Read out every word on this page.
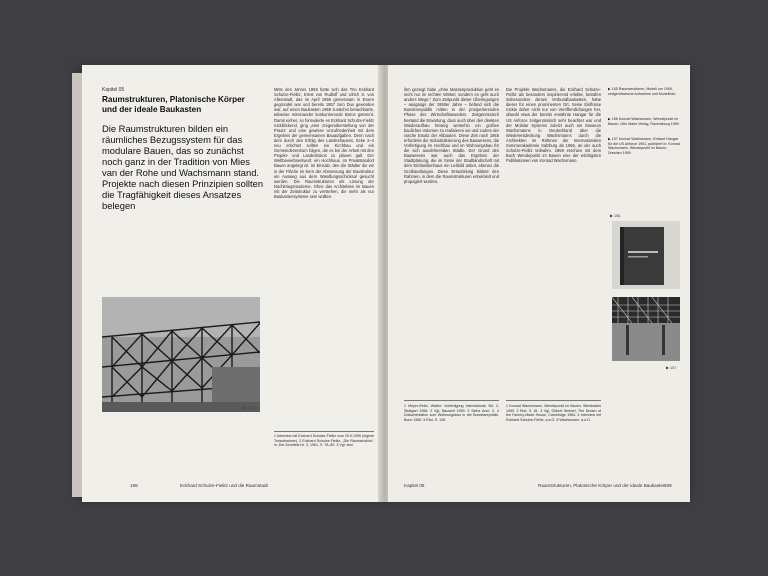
Kapitel 05
Raumstrukturen, Platonische Körper und der ideale Baukasten
Die Raumstrukturen bilden ein räumliches Bezugssystem für das modulare Bauen, das so zunächst noch ganz in der Tradition von Mies van der Rohe und Wachsmann stand. Projekte nach diesen Prinzipien sollten die Tragfähigkeit dieses Ansatzes belegen
Mitte des Jahres 1959 hatte sich das Trio Eckhard Schulze-Fielitz, Ernst von Rudloff und Ulrich S. von Altenstadt, das im April 1956 gemeinsam in Essen gegründet war und bereits 1957 zum Duo geworden war, auf einen Baukasten 1959 zunächst benachbarte, teilweise miteinander konkurrierende Büros getrennt. Damit einher, so formulierte es Eckhard Schulze-Fielitz rückblickend, ging „eine ‚Gegenüberstellung von der Praxis‘ und eine gewisse Unzufriedenheit mit dem Ergebnis der gemeinsamen Bauaufgaben. Denn nach dem durch den Erfolg des Landeshauses, Ecke 2–4 neu errichtet sollten ein Kirchbau und ein Gemeindezentrum folgen, die es bei der Arbeit mit den Projekt- und Landesbüros zu planen galt. Der Wettbewerbsentwurf, ein Hochhaus, im Privatstandort Bauen angelegt ist. Im Einsatz, den die Städter die wir in der Fläche im Kern der Abmessung der Baustruktur ein Ausweg aus dem Wandlungsschicksal gesucht werden. Die Raumstrukturen als Lösung der Nachkriegsmoderne. Ohne das Architekten im Bauen mit der Zeitstruktur zu verstehen, die mehr als nur Baukastensysteme sein wollten.
▶ 155
1 Interview mit Eckhard Schulze-Fielitz vom 29.9.1999 (eigene Tonaufnahme). 2 Eckhard Schulze-Fielitz, „Die Raumstruktur“, in: Der Architekt Nr. 3, 1961, S. 78–80. 3 Vgl. ebd.
198	Eckhard Schulze-Fielitz und die Raumstadt
ihm gezeigt habe „ohne Massenproduktion geht es nicht nur im rechten Winkel, sondern es geht auch anders Wege.“ Zum Zeitpunkt dieser Überlegungen – ausgangs der 1950er Jahre – befand sich die Bundesrepublik mitten in der prosperierenden Phase des Wirtschaftswunders. Zeitgenössisch bestand die Erwartung, dass auch über den direkten Wiederaufbau hinweg weiterhin ein großes bauliches Volumen zu realisieren sei und zudem der rasche Ersatz der Altbauten. Diese Zeit nach 1955 erforderte die Industrialisierung des Bauwesens, die Vorfertigung im Hochbau und im Wohnungsbau für die sich ausdehnenden Städte. Der Grund des Bauwesens war auch das Ergebnis der Stadtplanung, die im Sinne der Stadtlandschaft mit dem Einfamilienhaus ein Leitbild anbot, ebenso die Großsiedlungen. Diese Entwicklung bildete den Rahmen, in dem die Raumstrukturen entwickelt und propagiert wurden.
Die Projekte Wachsmanns, die Eckhard Schulze-Fielitz als besonders inspirierend erlebte, betrafen insbesondere diesen Verbundbaukasten, hatte dieser für einen prominenten Ort. Seine Einflüsse rückte daher nicht nur von Veröffentlichungen her, obwohl etwa der bereits erwähnte Hangar für die US Airforce zeitgenössisch sehr beachtet war und der Mobilar Systems zuletzt auch ein Museum Wachsmanns in Deutschland über die Wiederentdeckung Wachsmanns durch die Architekten im Rahmen der Internationalen Sommerakademie Salzburg ab 1956, an der auch Schulze-Fielitz teilnahm. 1959 erschien mit dem Buch Wendepunkt im Bauen eine der wichtigsten Publikationen von Konrad Wachsmann.
1 Meyer-Rekh, Walter: Vorfertigung International, Bd. 2, Stuttgart 1966. 2 Vgl. Bauwelt 1959. 3 Siehe Anm. 2. 4 Dokumentation zum Wohnungsbau in der Bundesrepublik, Bonn 1960. 5 Ebd. S. 12ff.
1 Konrad Wachsmann, Wendepunkt im Bauen, Wiesbaden 1959. 2 Ebd. S. 81. 3 Vgl. Gilbert Herbert, The Dream of the Factory-Made House, Cambridge 1984. 4 Interview mit Eckhard Schulze-Fielitz, a.a.O. 5 Wachsmann, a.a.O.
▶ 155 Raumstrukturen, Modell um 1959, zeitgenössische Aufnahme und Modellfoto
▶ 156 Konrad Wachsmann, Wendepunkt im Bauen, Otto Maier Verlag, Ravensburg 1959
▶ 157 Konrad Wachsmann, Entwurf Hangar für die US Airforce 1951, publiziert in: Konrad Wachsmann, Wendepunkt im Bauen, Dresden 1959
▶ 156
▶ 157
Kapitel 05	Raumstrukturen, Platonische Körper und der ideale Baukasten
199
